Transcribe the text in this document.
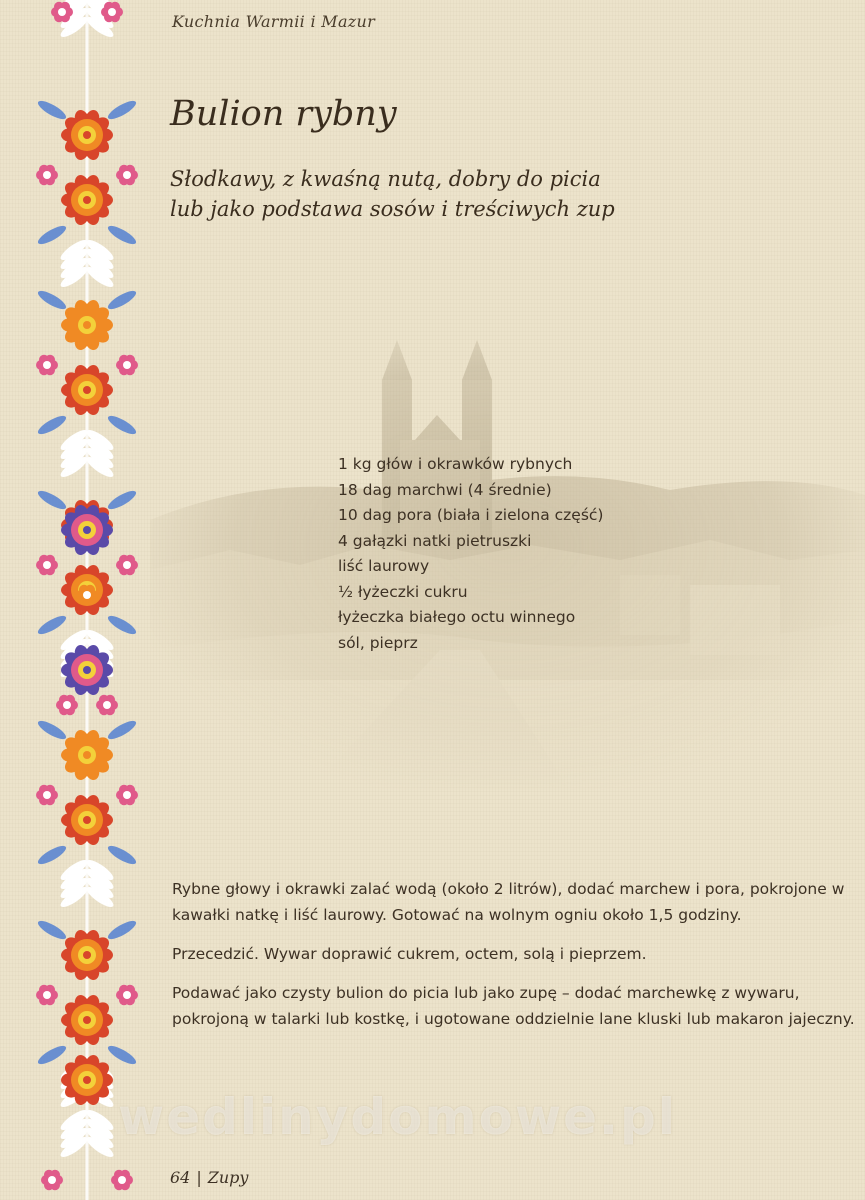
Kuchnia Warmii i Mazur
Bulion rybny
Słodkawy, z kwaśną nutą, dobry do picia
lub jako podstawa sosów i treściwych zup
1 kg głów i okrawków rybnych
18 dag marchwi (4 średnie)
10 dag pora (biała i zielona część)
4 gałązki natki pietruszki
liść laurowy
½ łyżeczki cukru
łyżeczka białego octu winnego
sól, pieprz

Rybne głowy i okrawki zalać wodą (około 2 litrów), dodać marchew i pora, pokrojone w kawałki natkę i liść laurowy. Gotować na wolnym ogniu około 1,5 godziny.

Przecedzić. Wywar doprawić cukrem, octem, solą i pieprzem.

Podawać jako czysty bulion do picia lub jako zupę – dodać marchewkę z wywaru, pokrojoną w talarki lub kostkę, i ugotowane oddzielnie lane kluski lub makaron jajeczny.

wedlinydomowe.pl
64 | Zupy
